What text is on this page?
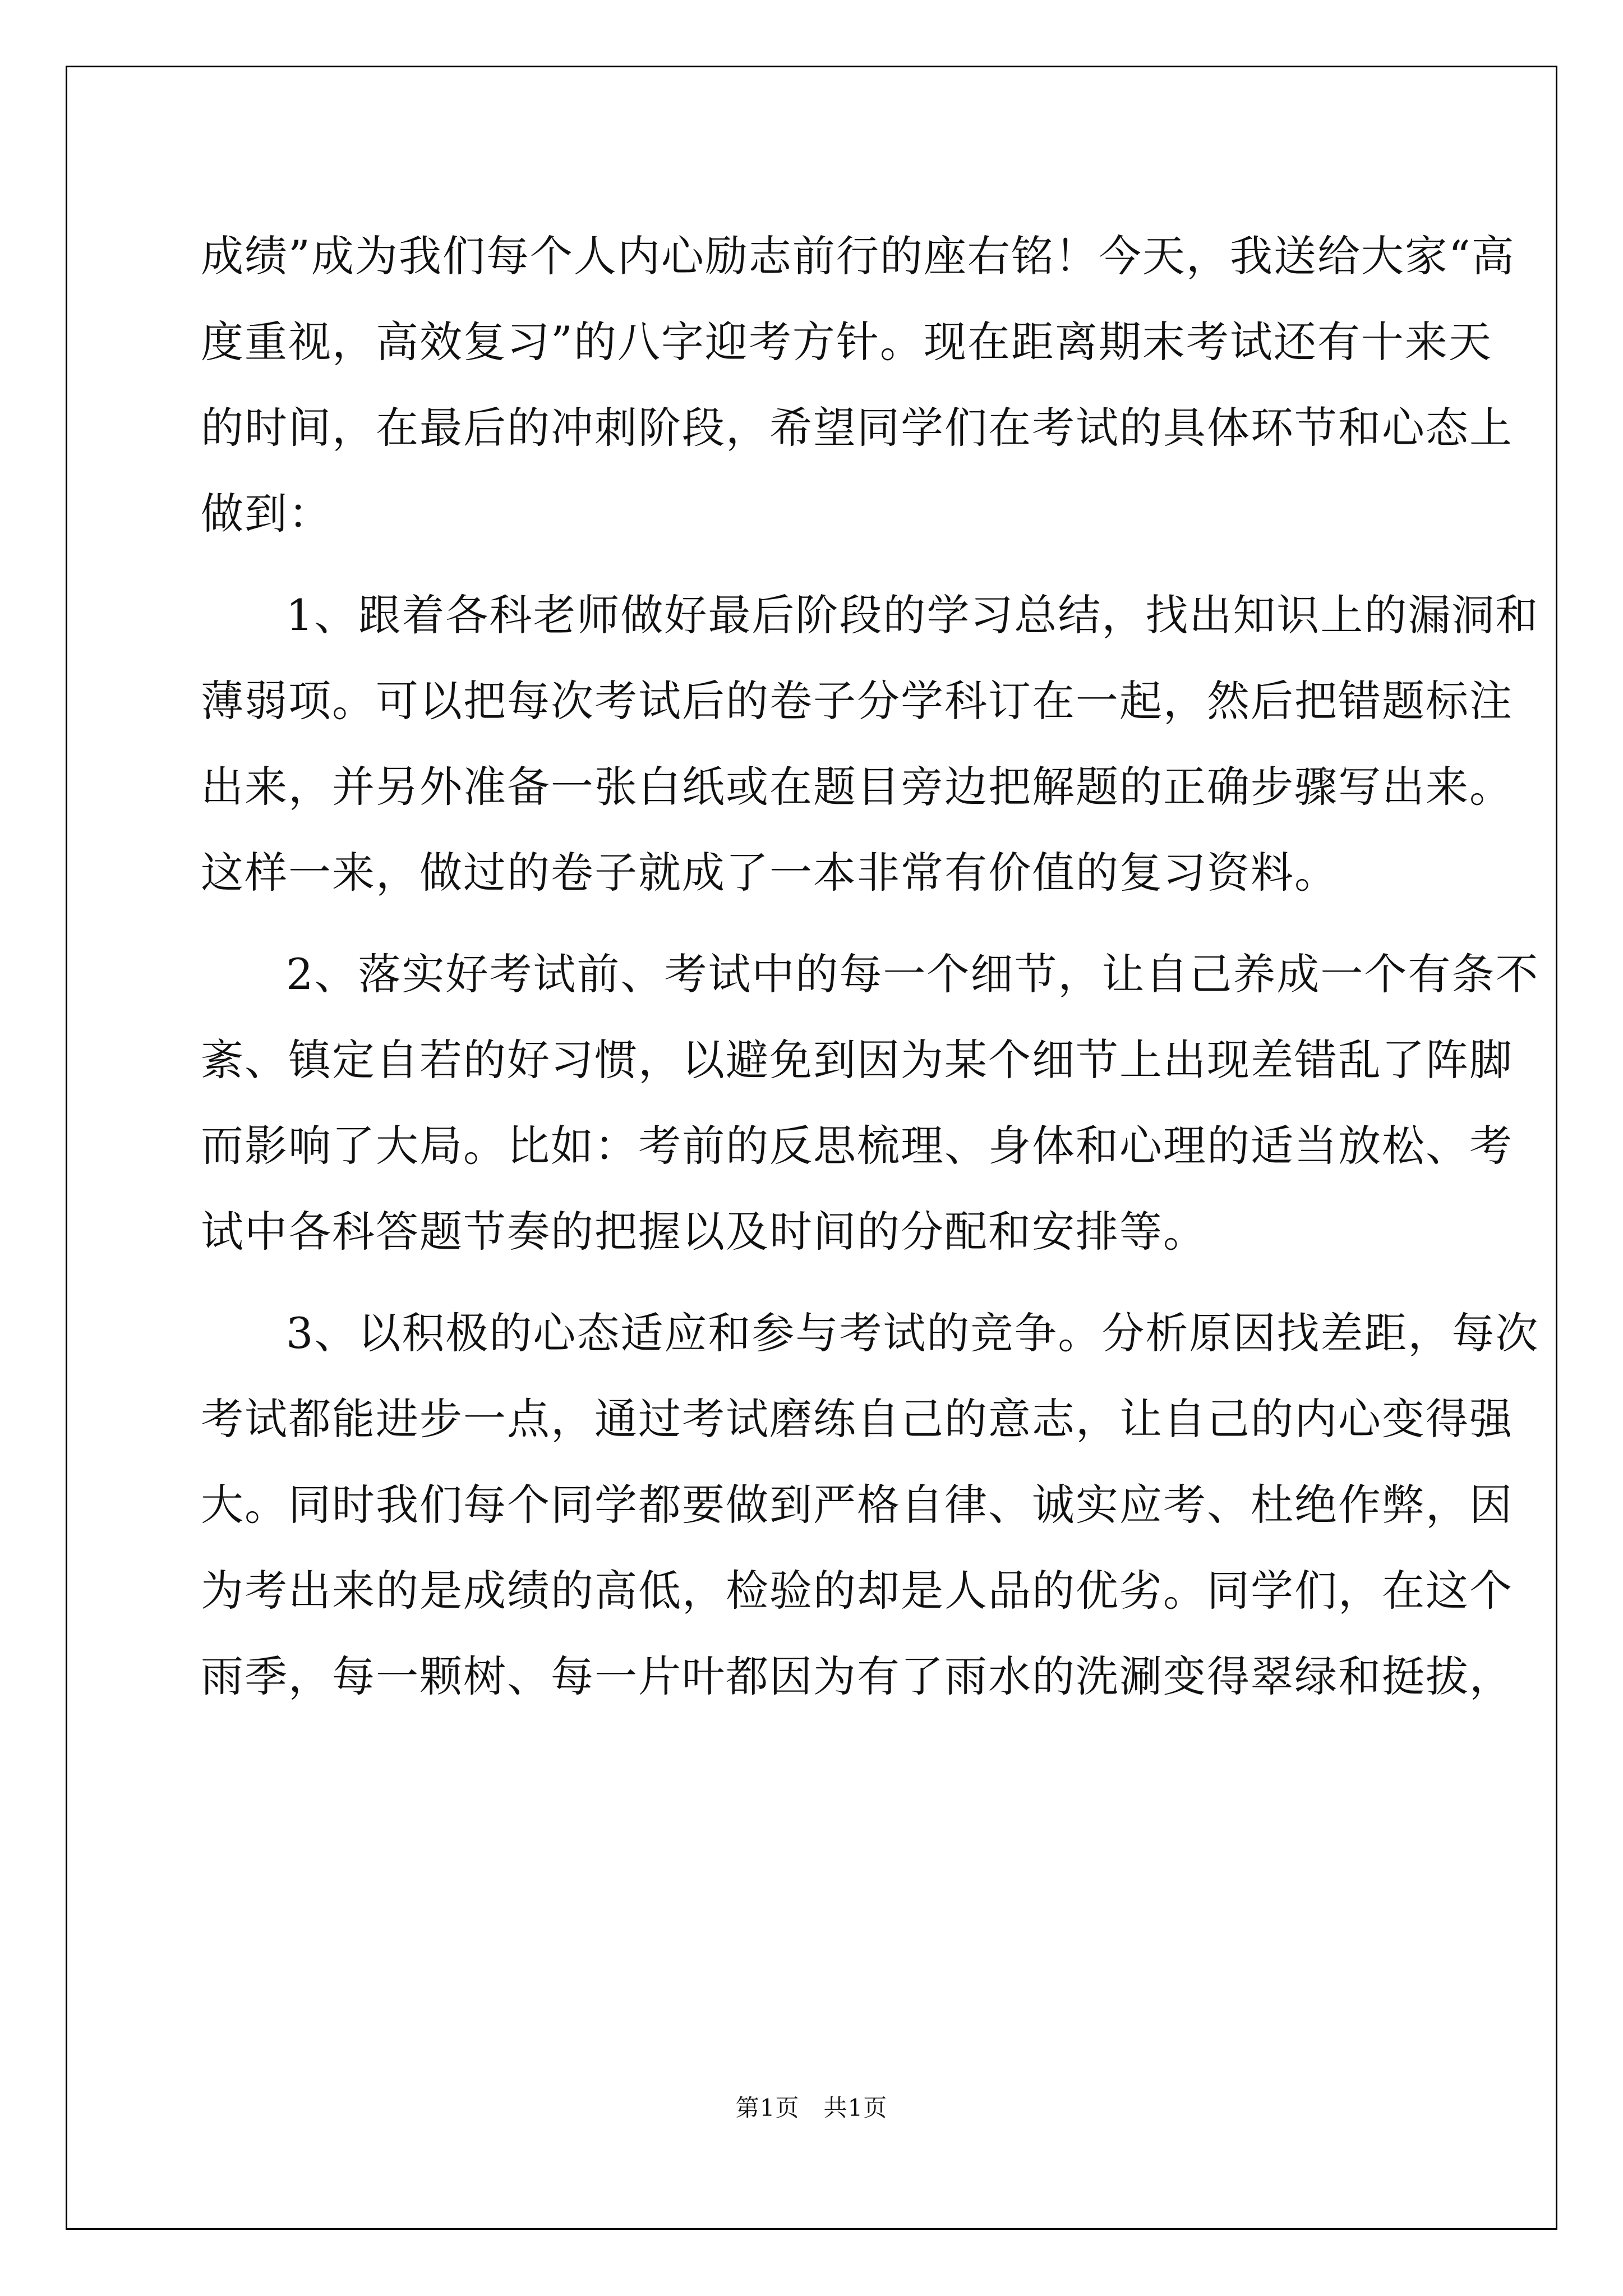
成绩”成为我们每个人内心励志前行的座右铭！今天，我送给大家“高
度重视，高效复习”的八字迎考方针。现在距离期末考试还有十来天
的时间，在最后的冲刺阶段，希望同学们在考试的具体环节和心态上
做到：
1、跟着各科老师做好最后阶段的学习总结，找出知识上的漏洞和
薄弱项。可以把每次考试后的卷子分学科订在一起，然后把错题标注
出来，并另外准备一张白纸或在题目旁边把解题的正确步骤写出来。
这样一来，做过的卷子就成了一本非常有价值的复习资料。
2、落实好考试前、考试中的每一个细节，让自己养成一个有条不
紊、镇定自若的好习惯，以避免到因为某个细节上出现差错乱了阵脚
而影响了大局。比如：考前的反思梳理、身体和心理的适当放松、考
试中各科答题节奏的把握以及时间的分配和安排等。
3、以积极的心态适应和参与考试的竞争。分析原因找差距，每次
考试都能进步一点，通过考试磨练自己的意志，让自己的内心变得强
大。同时我们每个同学都要做到严格自律、诚实应考、杜绝作弊，因
为考出来的是成绩的高低，检验的却是人品的优劣。同学们，在这个
雨季，每一颗树、每一片叶都因为有了雨水的洗涮变得翠绿和挺拔，
第1页　共1页
